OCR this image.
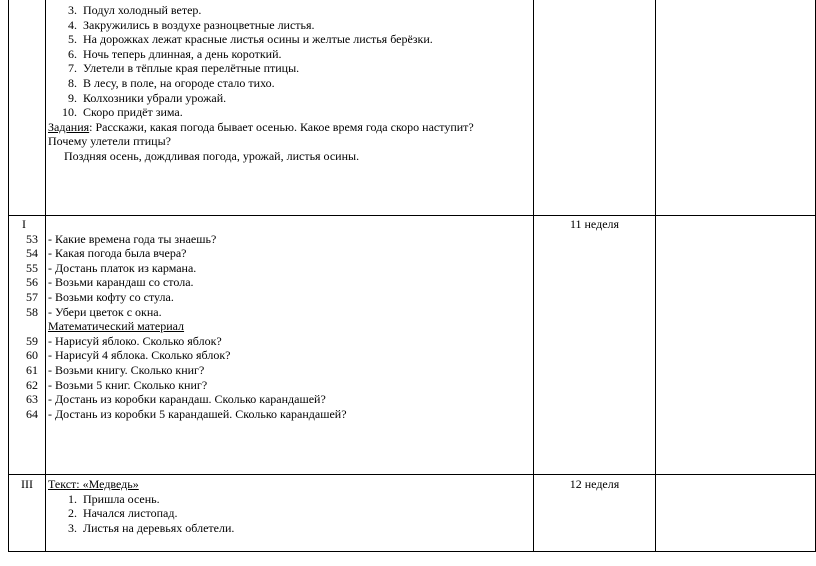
3. Подул холодный ветер.
4. Закружились в воздухе разноцветные листья.
5. На дорожках лежат красные листья осины и желтые листья берёзки.
6. Ночь теперь длинная, а день короткий.
7. Улетели в тёплые края перелётные птицы.
8. В лесу, в поле, на огороде стало тихо.
9. Колхозники убрали урожай.
10. Скоро придёт зима.
Задания: Расскажи, какая погода бывает осенью. Какое время года скоро наступит?
Почему улетели птицы?
Поздняя осень, дождливая погода, урожай, листья осины.
I
53
54
55
56
57
58
59
60
61
62
63
64
- Какие времена года ты знаешь?
- Какая погода была вчера?
- Достань платок из кармана.
- Возьми карандаш со стола.
- Возьми кофту со стула.
- Убери цветок с окна.
Математический материал
- Нарисуй яблоко. Сколько яблок?
- Нарисуй 4 яблока. Сколько яблок?
- Возьми книгу. Сколько книг?
- Возьми 5 книг. Сколько книг?
- Достань из коробки карандаш. Сколько карандашей?
- Достань из коробки 5 карандашей. Сколько карандашей?
11 неделя
III	Текст: «Медведь»
1. Пришла осень.
2. Начался листопад.
3. Листья на деревьях облетели.
12 неделя
